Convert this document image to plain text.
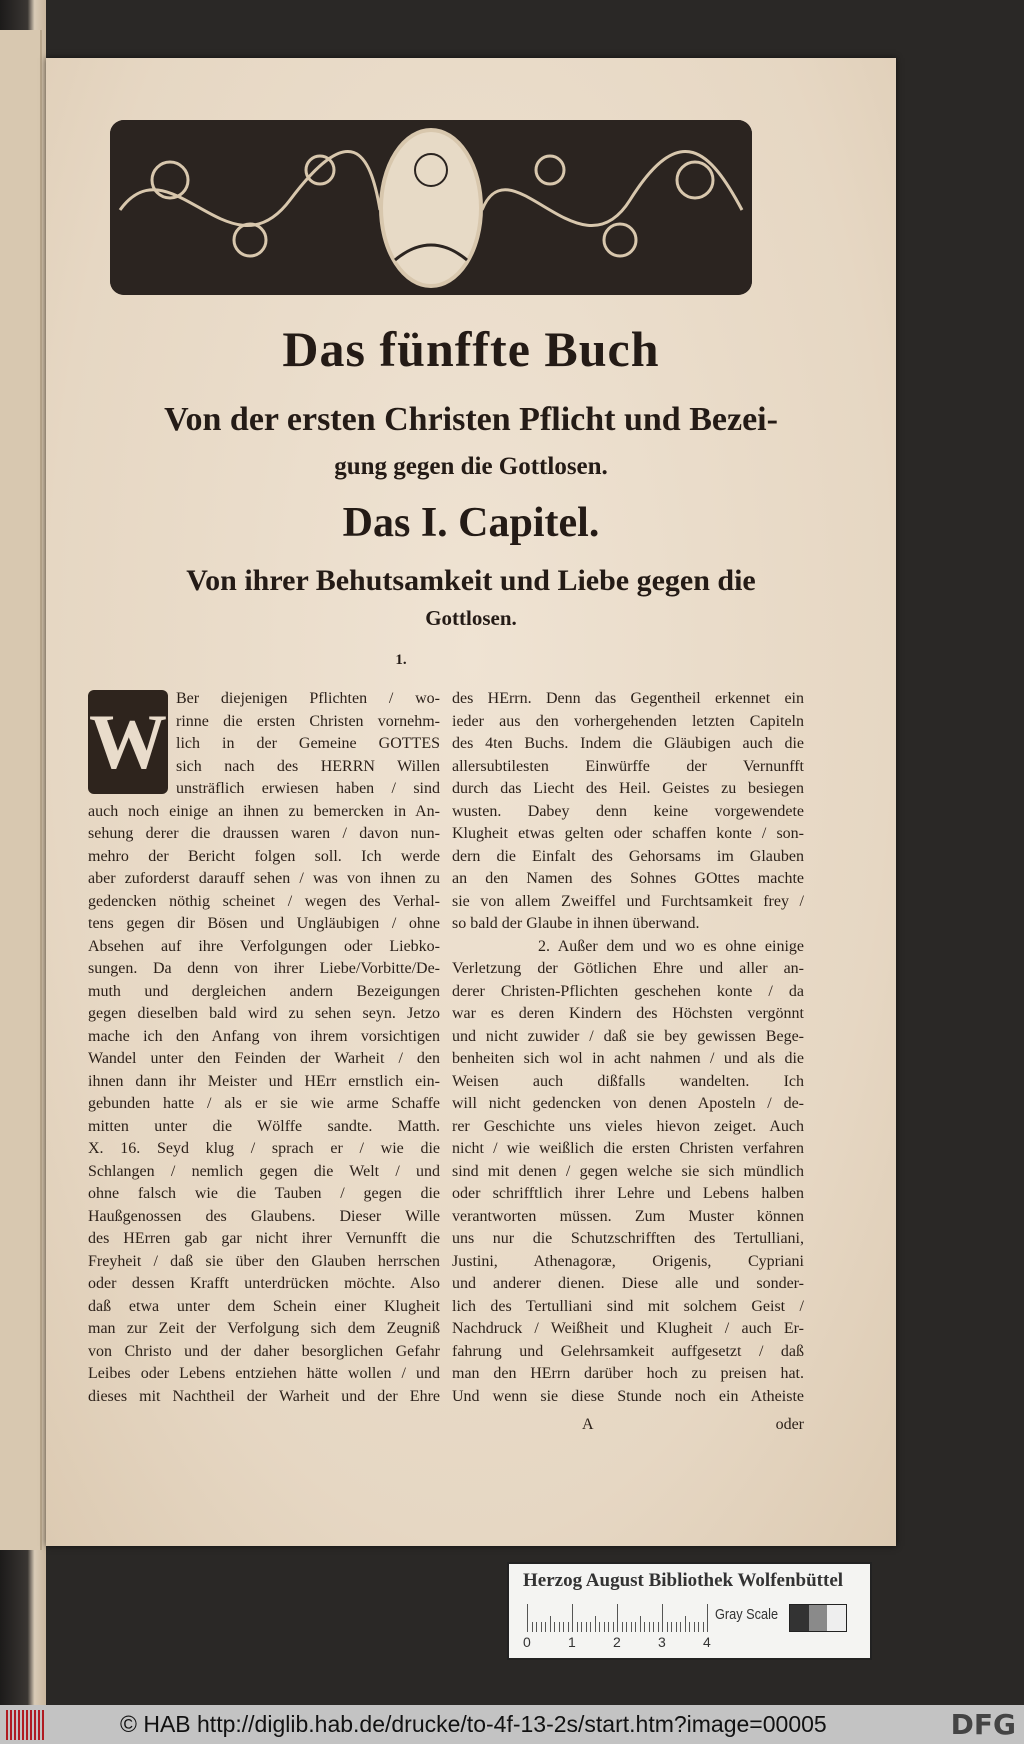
Das fünffte Buch
Von der ersten Christen Pflicht und Bezei-
gung gegen die Gottlosen.
Das I. Capitel.
Von ihrer Behutsamkeit und Liebe gegen die
Gottlosen.
1.
W Ber diejenigen Pflichten / wo-
rinne die ersten Christen vornehm-
lich in der Gemeine GOTTES
sich nach des HERRN Willen
unsträflich erwiesen haben / sind
auch noch einige an ihnen zu bemercken in An-
sehung derer die draussen waren / davon nun-
mehro der Bericht folgen soll. Ich werde
aber zuforderst darauff sehen / was von ihnen zu
gedencken nöthig scheinet / wegen des Verhal-
tens gegen dir Bösen und Ungläubigen / ohne
Absehen auf ihre Verfolgungen oder Liebko-
sungen. Da denn von ihrer Liebe/Vorbitte/De-
muth und dergleichen andern Bezeigungen
gegen dieselben bald wird zu sehen seyn. Jetzo
mache ich den Anfang von ihrem vorsichtigen
Wandel unter den Feinden der Warheit / den
ihnen dann ihr Meister und HErr ernstlich ein-
gebunden hatte / als er sie wie arme Schaffe
mitten unter die Wölffe sandte. Matth.
X. 16. Seyd klug / sprach er / wie die
Schlangen / nemlich gegen die Welt / und
ohne falsch wie die Tauben / gegen die
Haußgenossen des Glaubens. Dieser Wille
des HErren gab gar nicht ihrer Vernunfft die
Freyheit / daß sie über den Glauben herrschen
oder dessen Krafft unterdrücken möchte. Also
daß etwa unter dem Schein einer Klugheit
man zur Zeit der Verfolgung sich dem Zeugniß
von Christo und der daher besorglichen Gefahr
Leibes oder Lebens entziehen hätte wollen / und
dieses mit Nachtheil der Warheit und der Ehre
des HErrn. Denn das Gegentheil erkennet ein
ieder aus den vorhergehenden letzten Capiteln
des 4ten Buchs. Indem die Gläubigen auch die
allersubtilesten Einwürffe der Vernunfft
durch das Liecht des Heil. Geistes zu besiegen
wusten. Dabey denn keine vorgewendete
Klugheit etwas gelten oder schaffen konte / son-
dern die Einfalt des Gehorsams im Glauben
an den Namen des Sohnes GOttes machte
sie von allem Zweiffel und Furchtsamkeit frey /
so bald der Glaube in ihnen überwand.
2. Außer dem und wo es ohne einige
Verletzung der Götlichen Ehre und aller an-
derer Christen-Pflichten geschehen konte / da
war es deren Kindern des Höchsten vergönnt
und nicht zuwider / daß sie bey gewissen Bege-
benheiten sich wol in acht nahmen / und als die
Weisen auch dißfalls wandelten. Ich
will nicht gedencken von denen Aposteln / de-
rer Geschichte uns vieles hievon zeiget. Auch
nicht / wie weißlich die ersten Christen verfahren
sind mit denen / gegen welche sie sich mündlich
oder schrifftlich ihrer Lehre und Lebens halben
verantworten müssen. Zum Muster können
uns nur die Schutzschrifften des Tertulliani,
Justini, Athenagoræ, Origenis, Cypriani
und anderer dienen. Diese alle und sonder-
lich des Tertulliani sind mit solchem Geist /
Nachdruck / Weißheit und Klugheit / auch Er-
fahrung und Gelehrsamkeit auffgesetzt / daß
man den HErrn darüber hoch zu preisen hat.
Und wenn sie diese Stunde noch ein Atheiste
A	oder
Herzog August Bibliothek Wolfenbüttel
0	1	2	3	4
Gray Scale
© HAB http://diglib.hab.de/drucke/to-4f-13-2s/start.htm?image=00005	DFG
